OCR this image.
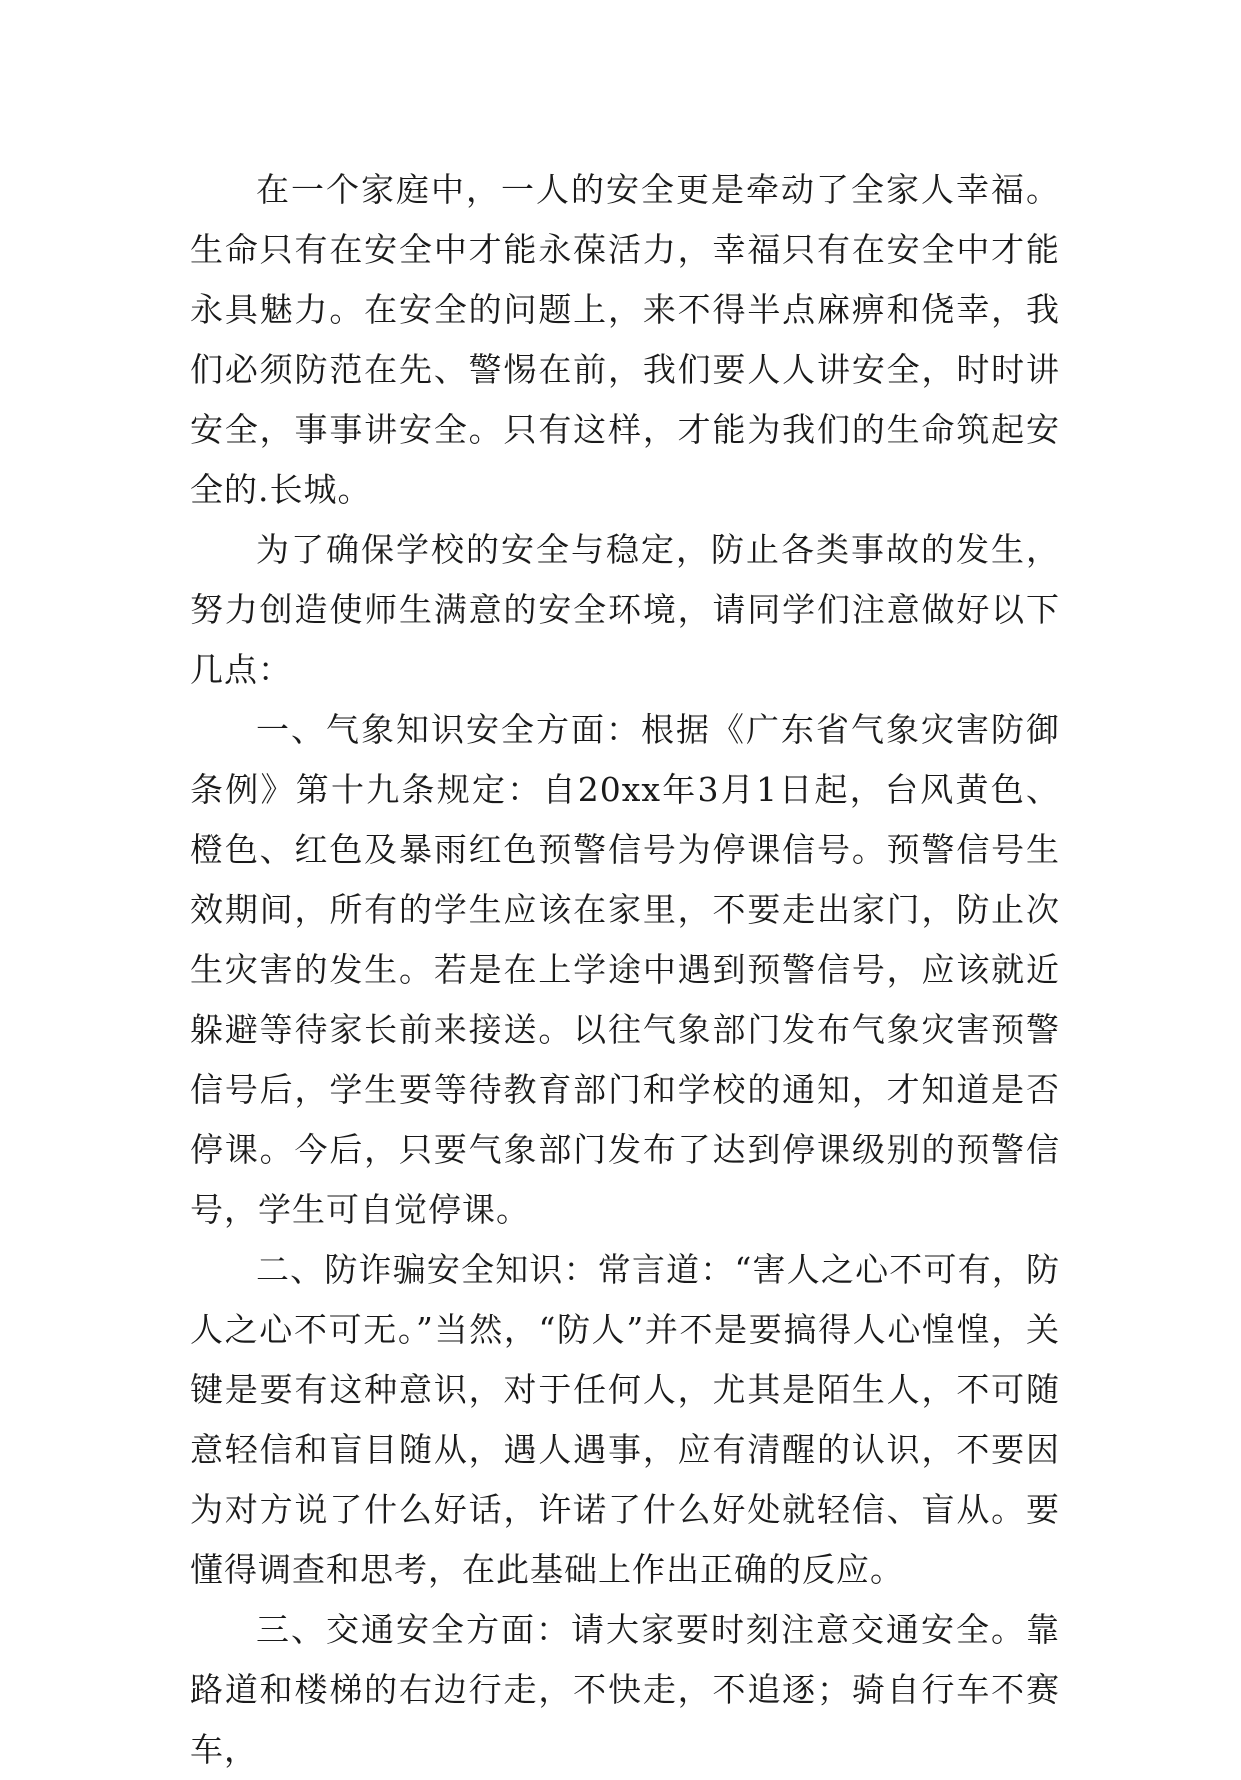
在一个家庭中，一人的安全更是牵动了全家人幸福。生命只有在安全中才能永葆活力，幸福只有在安全中才能永具魅力。在安全的问题上，来不得半点麻痹和侥幸，我们必须防范在先、警惕在前，我们要人人讲安全，时时讲安全，事事讲安全。只有这样，才能为我们的生命筑起安全的.长城。

为了确保学校的安全与稳定，防止各类事故的发生，努力创造使师生满意的安全环境，请同学们注意做好以下几点：

一、气象知识安全方面：根据《广东省气象灾害防御条例》第十九条规定：自20xx年3月1日起，台风黄色、橙色、红色及暴雨红色预警信号为停课信号。预警信号生效期间，所有的学生应该在家里，不要走出家门，防止次生灾害的发生。若是在上学途中遇到预警信号，应该就近躲避等待家长前来接送。以往气象部门发布气象灾害预警信号后，学生要等待教育部门和学校的通知，才知道是否停课。今后，只要气象部门发布了达到停课级别的预警信号，学生可自觉停课。

二、防诈骗安全知识：常言道：“害人之心不可有，防人之心不可无。”当然，“防人”并不是要搞得人心惶惶，关键是要有这种意识，对于任何人，尤其是陌生人，不可随意轻信和盲目随从，遇人遇事，应有清醒的认识，不要因为对方说了什么好话，许诺了什么好处就轻信、盲从。要懂得调查和思考，在此基础上作出正确的反应。

三、交通安全方面：请大家要时刻注意交通安全。靠路道和楼梯的右边行走，不快走，不追逐；骑自行车不赛车，
